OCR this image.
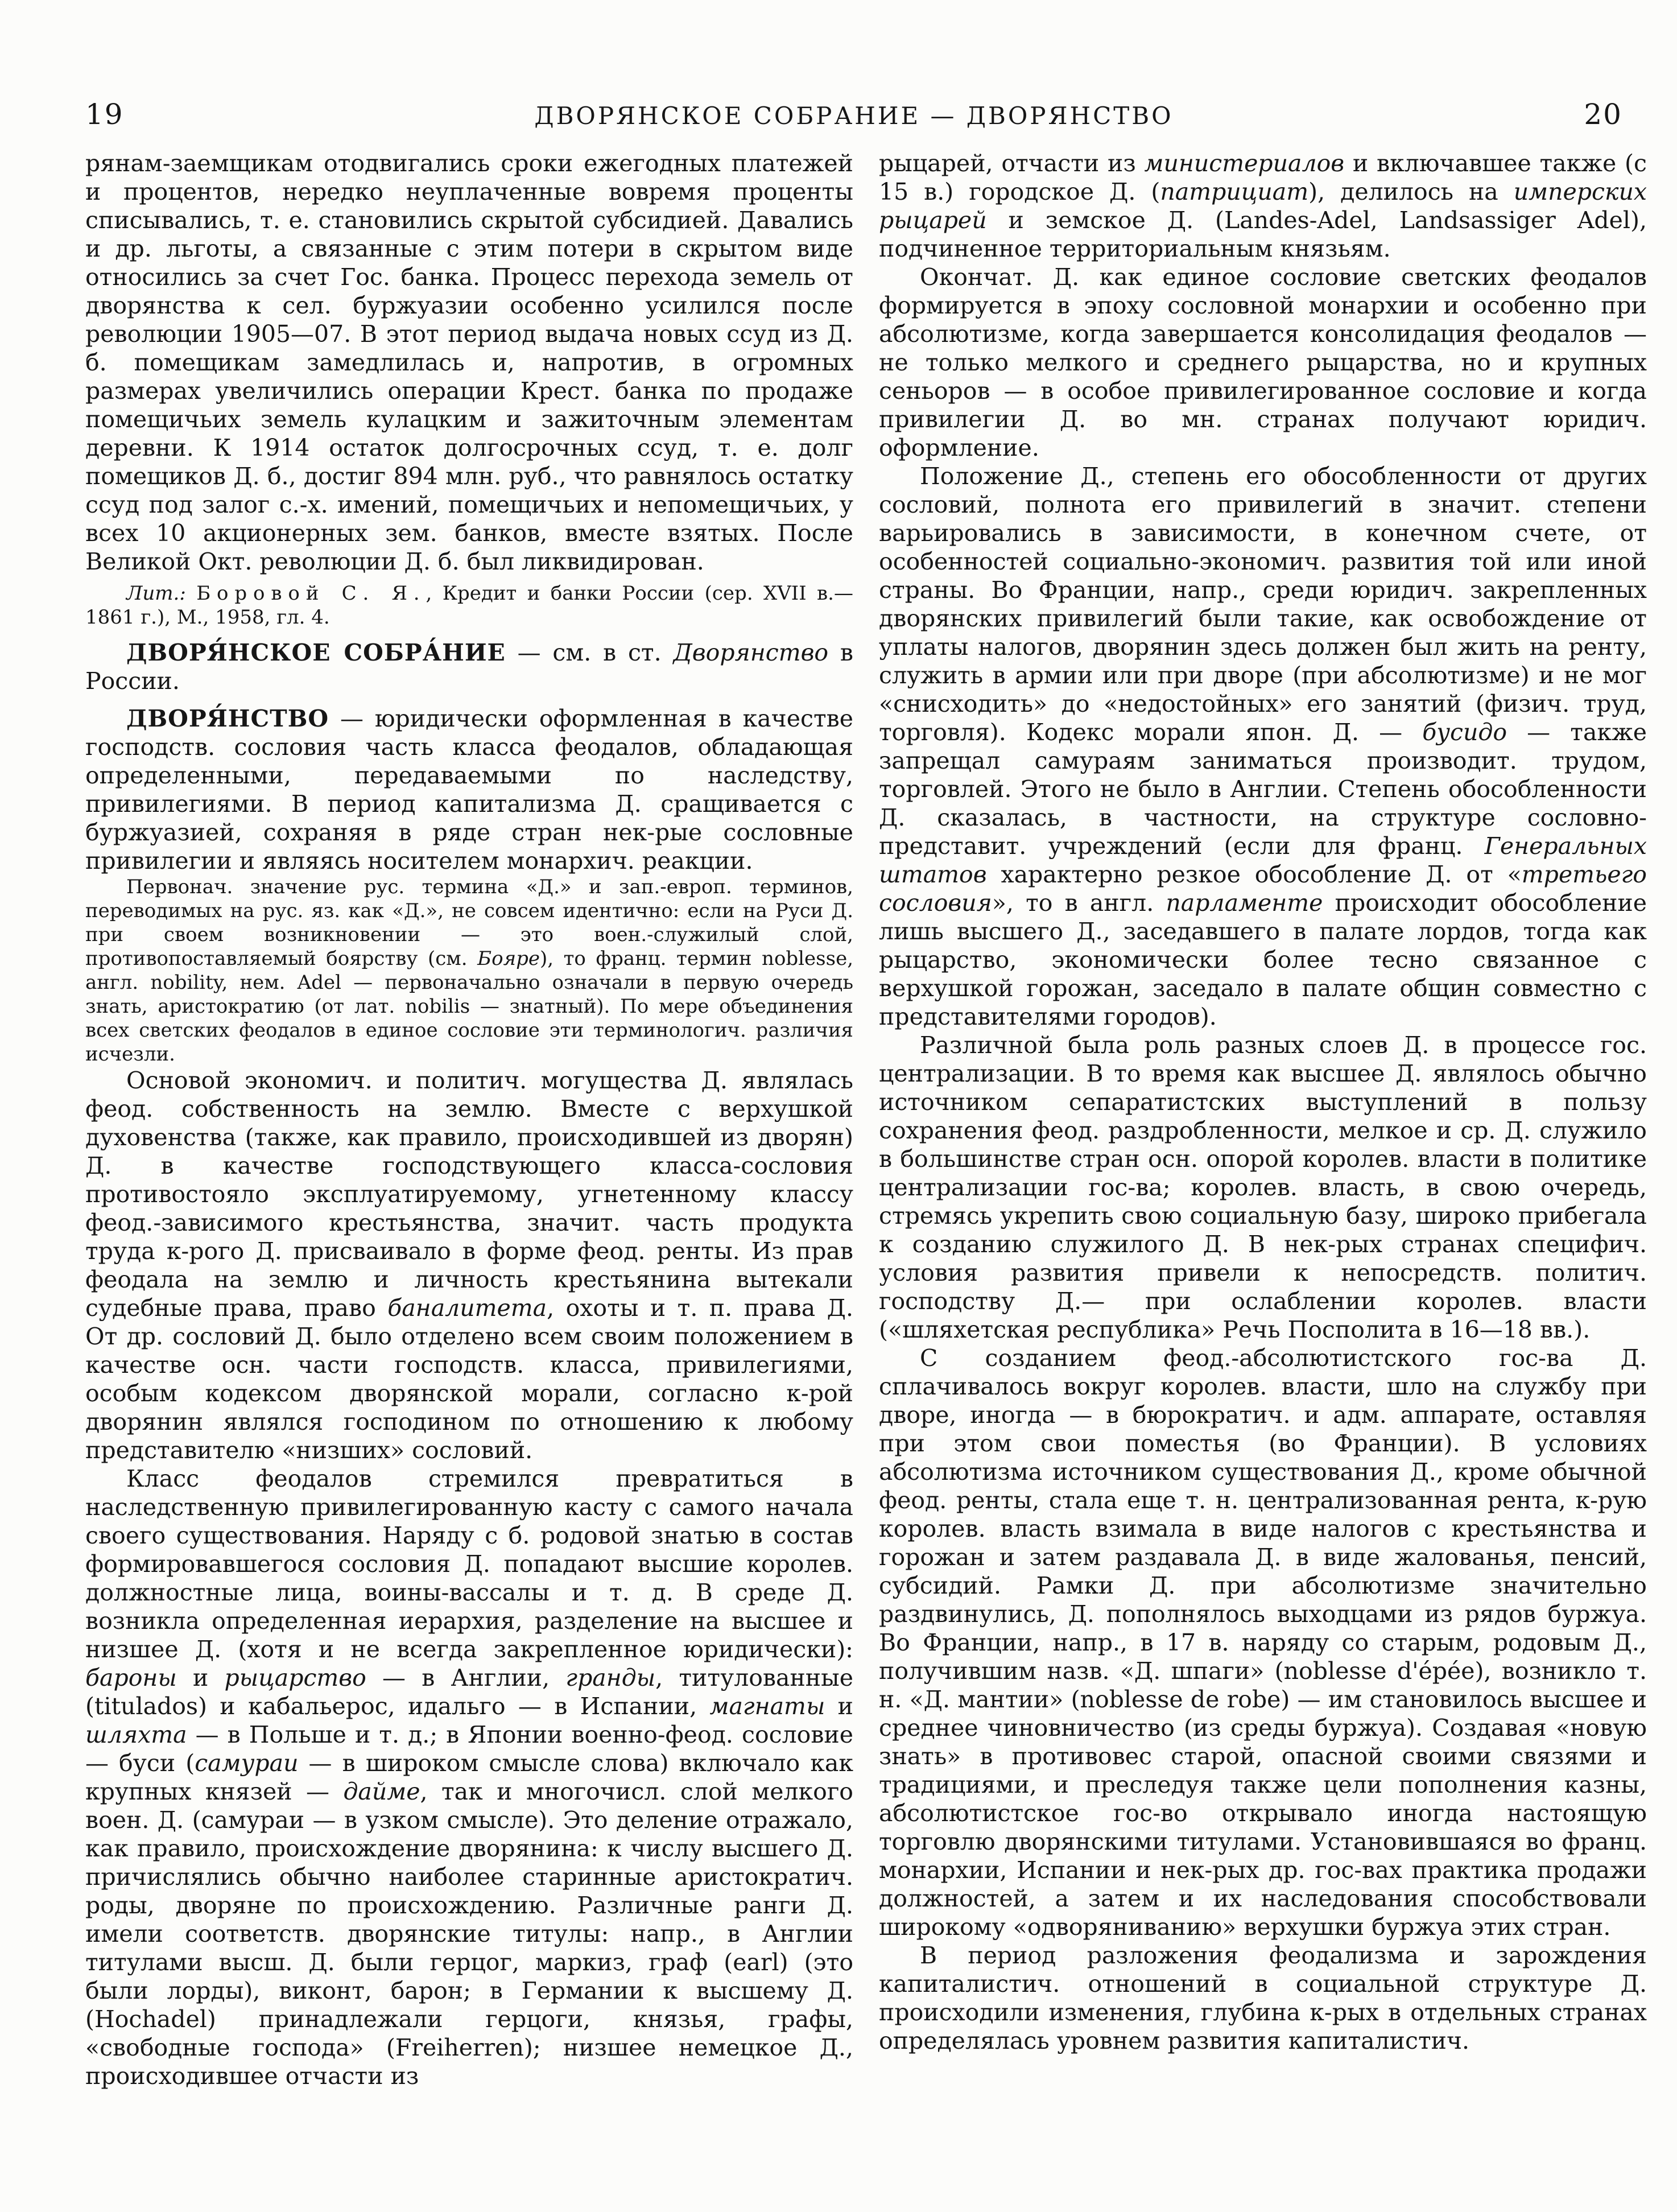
19	ДВОРЯНСКОЕ СОБРАНИЕ — ДВОРЯНСТВО	20

рянам-заемщикам отодвигались сроки ежегодных платежей и процентов, нередко неуплаченные вовремя проценты списывались, т. е. становились скрытой субсидией. Давались и др. льготы, а связанные с этим потери в скрытом виде относились за счет Гос. банка. Процесс перехода земель от дворянства к сел. буржуазии особенно усилился после революции 1905—07. В этот период выдача новых ссуд из Д. б. помещикам замедлилась и, напротив, в огромных размерах увеличились операции Крест. банка по продаже помещичьих земель кулацким и зажиточным элементам деревни. К 1914 остаток долгосрочных ссуд, т. е. долг помещиков Д. б., достиг 894 млн. руб., что равнялось остатку ссуд под залог с.-х. имений, помещичьих и непомещичьих, у всех 10 акционерных зем. банков, вместе взятых. После Великой Окт. революции Д. б. был ликвидирован.

Лит.: Боровой С. Я., Кредит и банки России (сер. XVII в.— 1861 г.), М., 1958, гл. 4.

ДВОРЯ́НСКОЕ СОБРА́НИЕ — см. в ст. Дворянство в России.

ДВОРЯ́НСТВО — юридически оформленная в качестве господств. сословия часть класса феодалов, обладающая определенными, передаваемыми по наследству, привилегиями. В период капитализма Д. сращивается с буржуазией, сохраняя в ряде стран нек-рые сословные привилегии и являясь носителем монархич. реакции.

Первонач. значение рус. термина «Д.» и зап.-европ. терминов, переводимых на рус. яз. как «Д.», не совсем идентично: если на Руси Д. при своем возникновении — это воен.-служилый слой, противопоставляемый боярству (см. Бояре), то франц. термин noblesse, англ. nobility, нем. Adel — первоначально означали в первую очередь знать, аристократию (от лат. nobilis — знатный). По мере объединения всех светских феодалов в единое сословие эти терминологич. различия исчезли.

Основой экономич. и политич. могущества Д. являлась феод. собственность на землю. Вместе с верхушкой духовенства (также, как правило, происходившей из дворян) Д. в качестве господствующего класса-сословия противостояло эксплуатируемому, угнетенному классу феод.-зависимого крестьянства, значит. часть продукта труда к-рого Д. присваивало в форме феод. ренты. Из прав феодала на землю и личность крестьянина вытекали судебные права, право баналитета, охоты и т. п. права Д. От др. сословий Д. было отделено всем своим положением в качестве осн. части господств. класса, привилегиями, особым кодексом дворянской морали, согласно к-рой дворянин являлся господином по отношению к любому представителю «низших» сословий.

Класс феодалов стремился превратиться в наследственную привилегированную касту с самого начала своего существования. Наряду с б. родовой знатью в состав формировавшегося сословия Д. попадают высшие королев. должностные лица, воины-вассалы и т. д. В среде Д. возникла определенная иерархия, разделение на высшее и низшее Д. (хотя и не всегда закрепленное юридически): бароны и рыцарство — в Англии, гранды, титулованные (titulados) и кабальерос, идальго — в Испании, магнаты и шляхта — в Польше и т. д.; в Японии военно-феод. сословие — буси (самураи — в широком смысле слова) включало как крупных князей — дайме, так и многочисл. слой мелкого воен. Д. (самураи — в узком смысле). Это деление отражало, как правило, происхождение дворянина: к числу высшего Д. причислялись обычно наиболее старинные аристократич. роды, дворяне по происхождению. Различные ранги Д. имели соответств. дворянские титулы: напр., в Англии титулами высш. Д. были герцог, маркиз, граф (earl) (это были лорды), виконт, барон; в Германии к высшему Д. (Hochadel) принадлежали герцоги, князья, графы, «свободные господа» (Freiherren); низшее немецкое Д., происходившее отчасти из

рыцарей, отчасти из министериалов и включавшее также (с 15 в.) городское Д. (патрициат), делилось на имперских рыцарей и земское Д. (Landes-Adel, Landsassiger Adel), подчиненное территориальным князьям.

Окончат. Д. как единое сословие светских феодалов формируется в эпоху сословной монархии и особенно при абсолютизме, когда завершается консолидация феодалов — не только мелкого и среднего рыцарства, но и крупных сеньоров — в особое привилегированное сословие и когда привилегии Д. во мн. странах получают юридич. оформление.

Положение Д., степень его обособленности от других сословий, полнота его привилегий в значит. степени варьировались в зависимости, в конечном счете, от особенностей социально-экономич. развития той или иной страны. Во Франции, напр., среди юридич. закрепленных дворянских привилегий были такие, как освобождение от уплаты налогов, дворянин здесь должен был жить на ренту, служить в армии или при дворе (при абсолютизме) и не мог «снисходить» до «недостойных» его занятий (физич. труд, торговля). Кодекс морали япон. Д. — бусидо — также запрещал самураям заниматься производит. трудом, торговлей. Этого не было в Англии. Степень обособленности Д. сказалась, в частности, на структуре сословно-представит. учреждений (если для франц. Генеральных штатов характерно резкое обособление Д. от «третьего сословия», то в англ. парламенте происходит обособление лишь высшего Д., заседавшего в палате лордов, тогда как рыцарство, экономически более тесно связанное с верхушкой горожан, заседало в палате общин совместно с представителями городов).

Различной была роль разных слоев Д. в процессе гос. централизации. В то время как высшее Д. являлось обычно источником сепаратистских выступлений в пользу сохранения феод. раздробленности, мелкое и ср. Д. служило в большинстве стран осн. опорой королев. власти в политике централизации гос-ва; королев. власть, в свою очередь, стремясь укрепить свою социальную базу, широко прибегала к созданию служилого Д. В нек-рых странах специфич. условия развития привели к непосредств. политич. господству Д.— при ослаблении королев. власти («шляхетская республика» Речь Посполита в 16—18 вв.).

С созданием феод.-абсолютистского гос-ва Д. сплачивалось вокруг королев. власти, шло на службу при дворе, иногда — в бюрократич. и адм. аппарате, оставляя при этом свои поместья (во Франции). В условиях абсолютизма источником существования Д., кроме обычной феод. ренты, стала еще т. н. централизованная рента, к-рую королев. власть взимала в виде налогов с крестьянства и горожан и затем раздавала Д. в виде жалованья, пенсий, субсидий. Рамки Д. при абсолютизме значительно раздвинулись, Д. пополнялось выходцами из рядов буржуа. Во Франции, напр., в 17 в. наряду со старым, родовым Д., получившим назв. «Д. шпаги» (noblesse d'épée), возникло т. н. «Д. мантии» (noblesse de robe) — им становилось высшее и среднее чиновничество (из среды буржуа). Создавая «новую знать» в противовес старой, опасной своими связями и традициями, и преследуя также цели пополнения казны, абсолютистское гос-во открывало иногда настоящую торговлю дворянскими титулами. Установившаяся во франц. монархии, Испании и нек-рых др. гос-вах практика продажи должностей, а затем и их наследования способствовали широкому «одворяниванию» верхушки буржуа этих стран.

В период разложения феодализма и зарождения капиталистич. отношений в социальной структуре Д. происходили изменения, глубина к-рых в отдельных странах определялась уровнем развития капиталистич.
